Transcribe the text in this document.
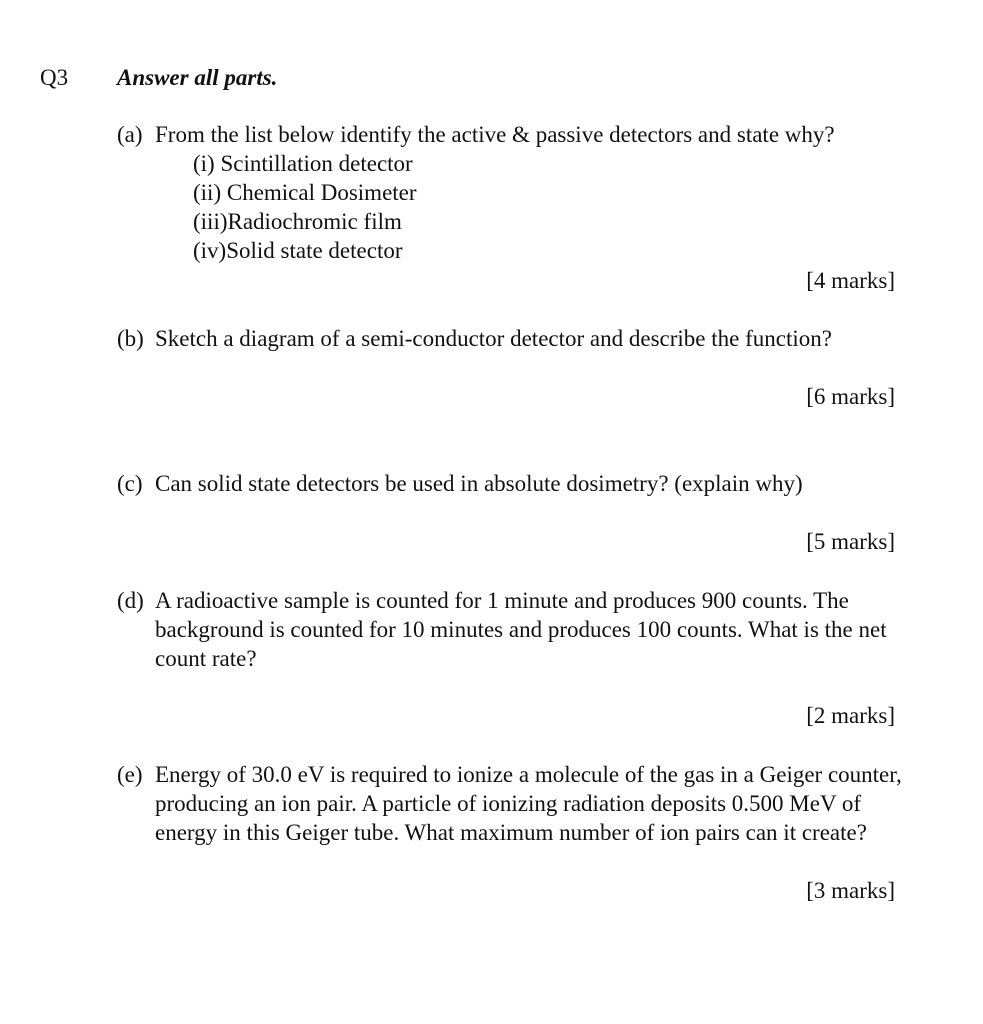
Q3 Answer all parts.
(a) From the list below identify the active & passive detectors and state why?
(i) Scintillation detector
(ii) Chemical Dosimeter
(iii)Radiochromic film
(iv)Solid state detector
[4 marks]
(b) Sketch a diagram of a semi-conductor detector and describe the function?
[6 marks]
(c) Can solid state detectors be used in absolute dosimetry? (explain why)
[5 marks]
(d) A radioactive sample is counted for 1 minute and produces 900 counts. The
background is counted for 10 minutes and produces 100 counts. What is the net
count rate?
[2 marks]
(e) Energy of 30.0 eV is required to ionize a molecule of the gas in a Geiger counter,
producing an ion pair. A particle of ionizing radiation deposits 0.500 MeV of
energy in this Geiger tube. What maximum number of ion pairs can it create?
[3 marks]
